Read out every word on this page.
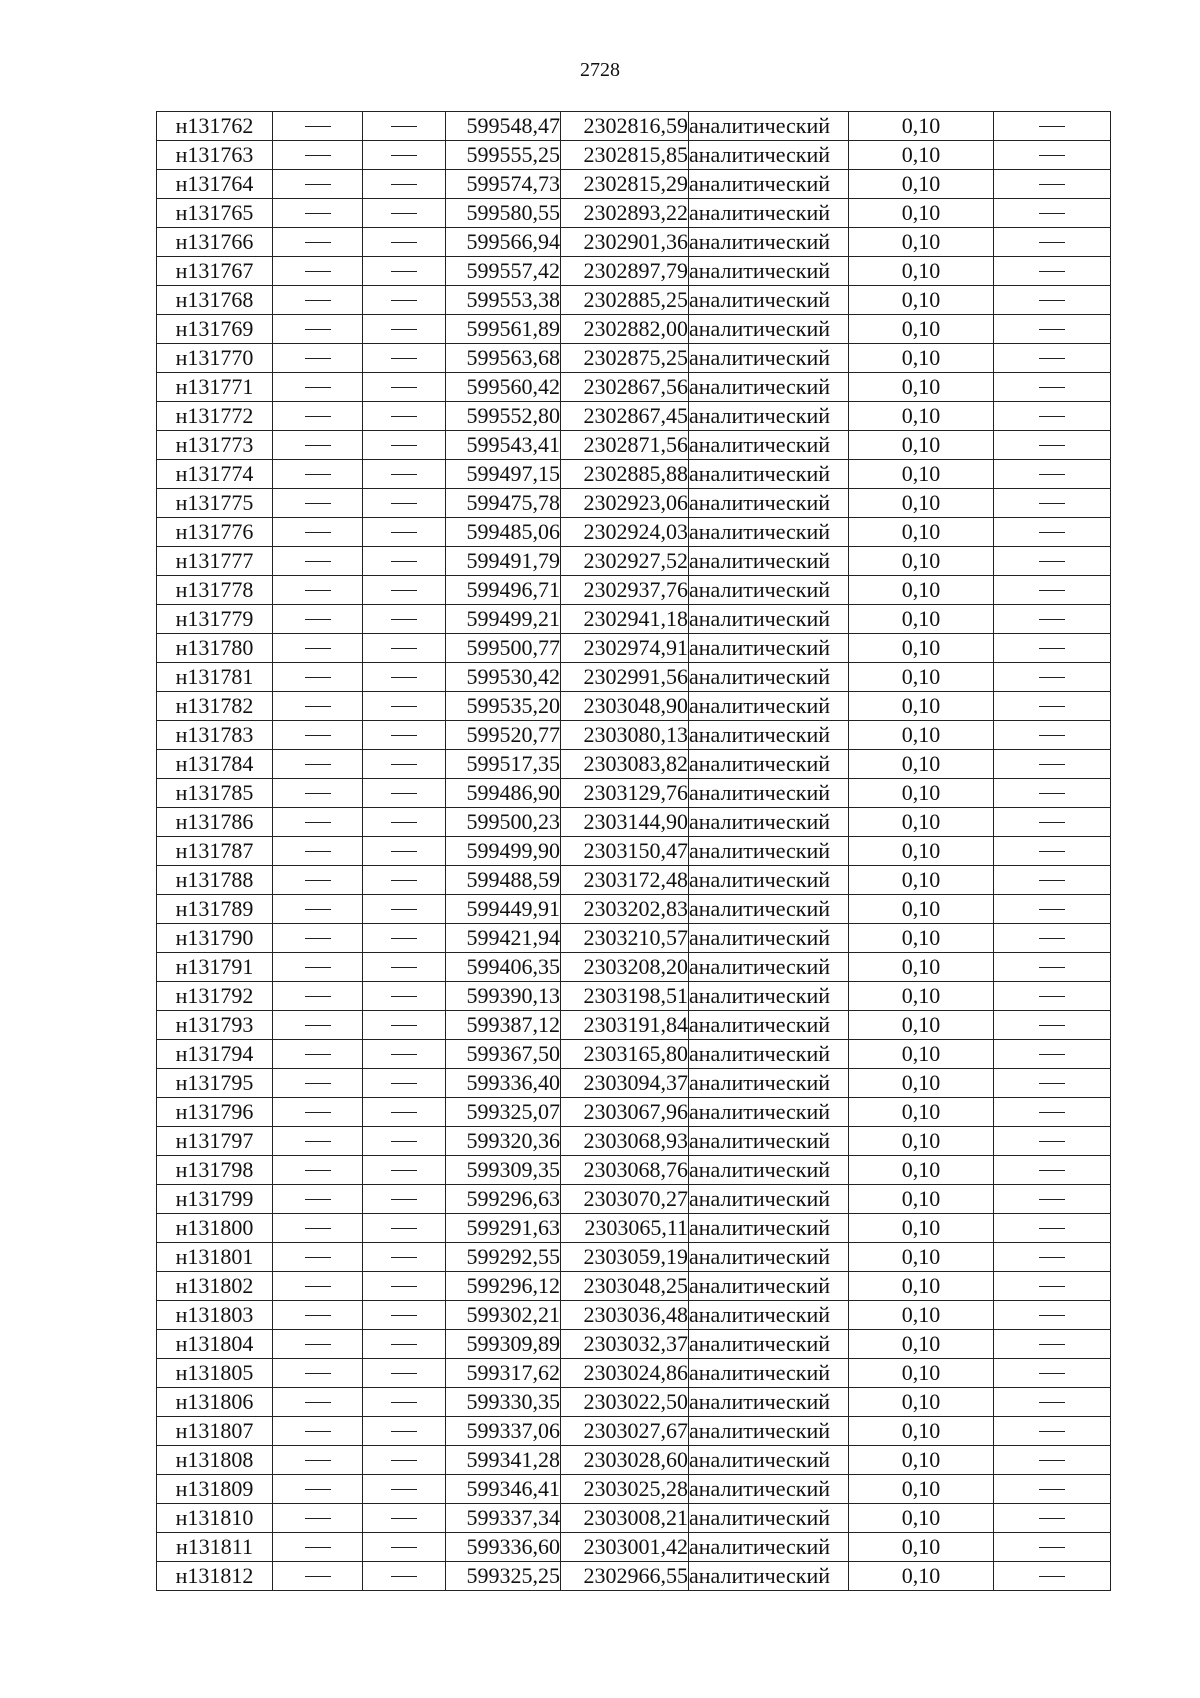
2728
н131762			599548,47	2302816,59	аналитический	0,10	
н131763			599555,25	2302815,85	аналитический	0,10	
н131764			599574,73	2302815,29	аналитический	0,10	
н131765			599580,55	2302893,22	аналитический	0,10	
н131766			599566,94	2302901,36	аналитический	0,10	
н131767			599557,42	2302897,79	аналитический	0,10	
н131768			599553,38	2302885,25	аналитический	0,10	
н131769			599561,89	2302882,00	аналитический	0,10	
н131770			599563,68	2302875,25	аналитический	0,10	
н131771			599560,42	2302867,56	аналитический	0,10	
н131772			599552,80	2302867,45	аналитический	0,10	
н131773			599543,41	2302871,56	аналитический	0,10	
н131774			599497,15	2302885,88	аналитический	0,10	
н131775			599475,78	2302923,06	аналитический	0,10	
н131776			599485,06	2302924,03	аналитический	0,10	
н131777			599491,79	2302927,52	аналитический	0,10	
н131778			599496,71	2302937,76	аналитический	0,10	
н131779			599499,21	2302941,18	аналитический	0,10	
н131780			599500,77	2302974,91	аналитический	0,10	
н131781			599530,42	2302991,56	аналитический	0,10	
н131782			599535,20	2303048,90	аналитический	0,10	
н131783			599520,77	2303080,13	аналитический	0,10	
н131784			599517,35	2303083,82	аналитический	0,10	
н131785			599486,90	2303129,76	аналитический	0,10	
н131786			599500,23	2303144,90	аналитический	0,10	
н131787			599499,90	2303150,47	аналитический	0,10	
н131788			599488,59	2303172,48	аналитический	0,10	
н131789			599449,91	2303202,83	аналитический	0,10	
н131790			599421,94	2303210,57	аналитический	0,10	
н131791			599406,35	2303208,20	аналитический	0,10	
н131792			599390,13	2303198,51	аналитический	0,10	
н131793			599387,12	2303191,84	аналитический	0,10	
н131794			599367,50	2303165,80	аналитический	0,10	
н131795			599336,40	2303094,37	аналитический	0,10	
н131796			599325,07	2303067,96	аналитический	0,10	
н131797			599320,36	2303068,93	аналитический	0,10	
н131798			599309,35	2303068,76	аналитический	0,10	
н131799			599296,63	2303070,27	аналитический	0,10	
н131800			599291,63	2303065,11	аналитический	0,10	
н131801			599292,55	2303059,19	аналитический	0,10	
н131802			599296,12	2303048,25	аналитический	0,10	
н131803			599302,21	2303036,48	аналитический	0,10	
н131804			599309,89	2303032,37	аналитический	0,10	
н131805			599317,62	2303024,86	аналитический	0,10	
н131806			599330,35	2303022,50	аналитический	0,10	
н131807			599337,06	2303027,67	аналитический	0,10	
н131808			599341,28	2303028,60	аналитический	0,10	
н131809			599346,41	2303025,28	аналитический	0,10	
н131810			599337,34	2303008,21	аналитический	0,10	
н131811			599336,60	2303001,42	аналитический	0,10	
н131812			599325,25	2302966,55	аналитический	0,10	
